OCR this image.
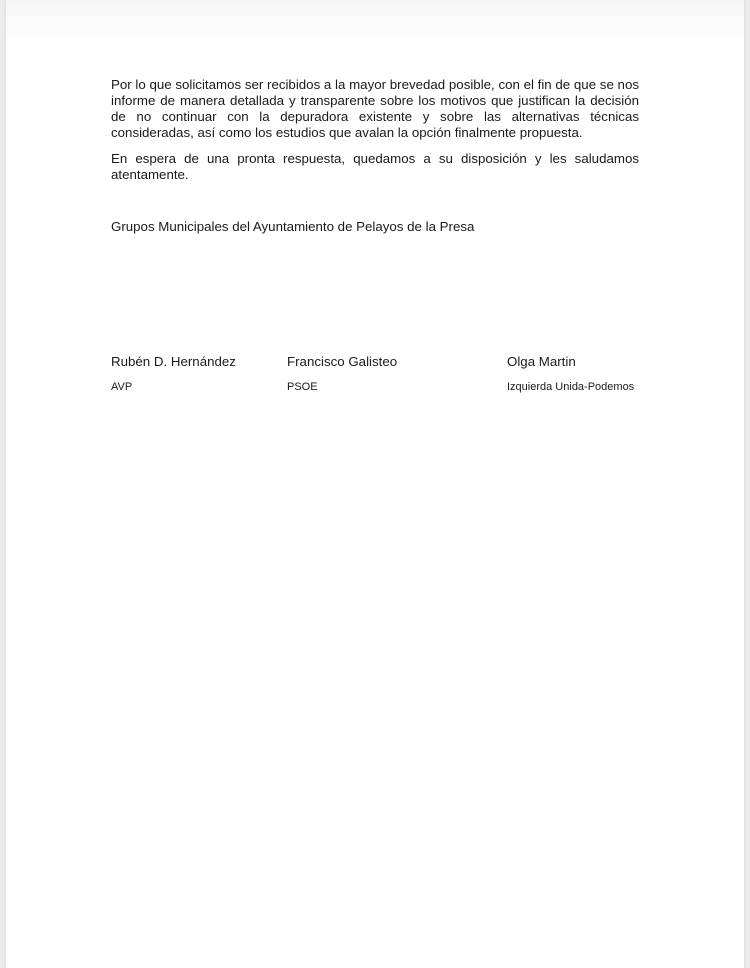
Por lo que solicitamos ser recibidos a la mayor brevedad posible, con el fin de que se nos informe de manera detallada y transparente sobre los motivos que justifican la decisión de no continuar con la depuradora existente y sobre las alternativas técnicas consideradas, así como los estudios que avalan la opción finalmente propuesta.

En espera de una pronta respuesta, quedamos a su disposición y les saludamos atentamente.

Grupos Municipales del Ayuntamiento de Pelayos de la Presa

Rubén D. Hernández	Francisco Galisteo	Olga Martin
AVP	PSOE	Izquierda Unida-Podemos
